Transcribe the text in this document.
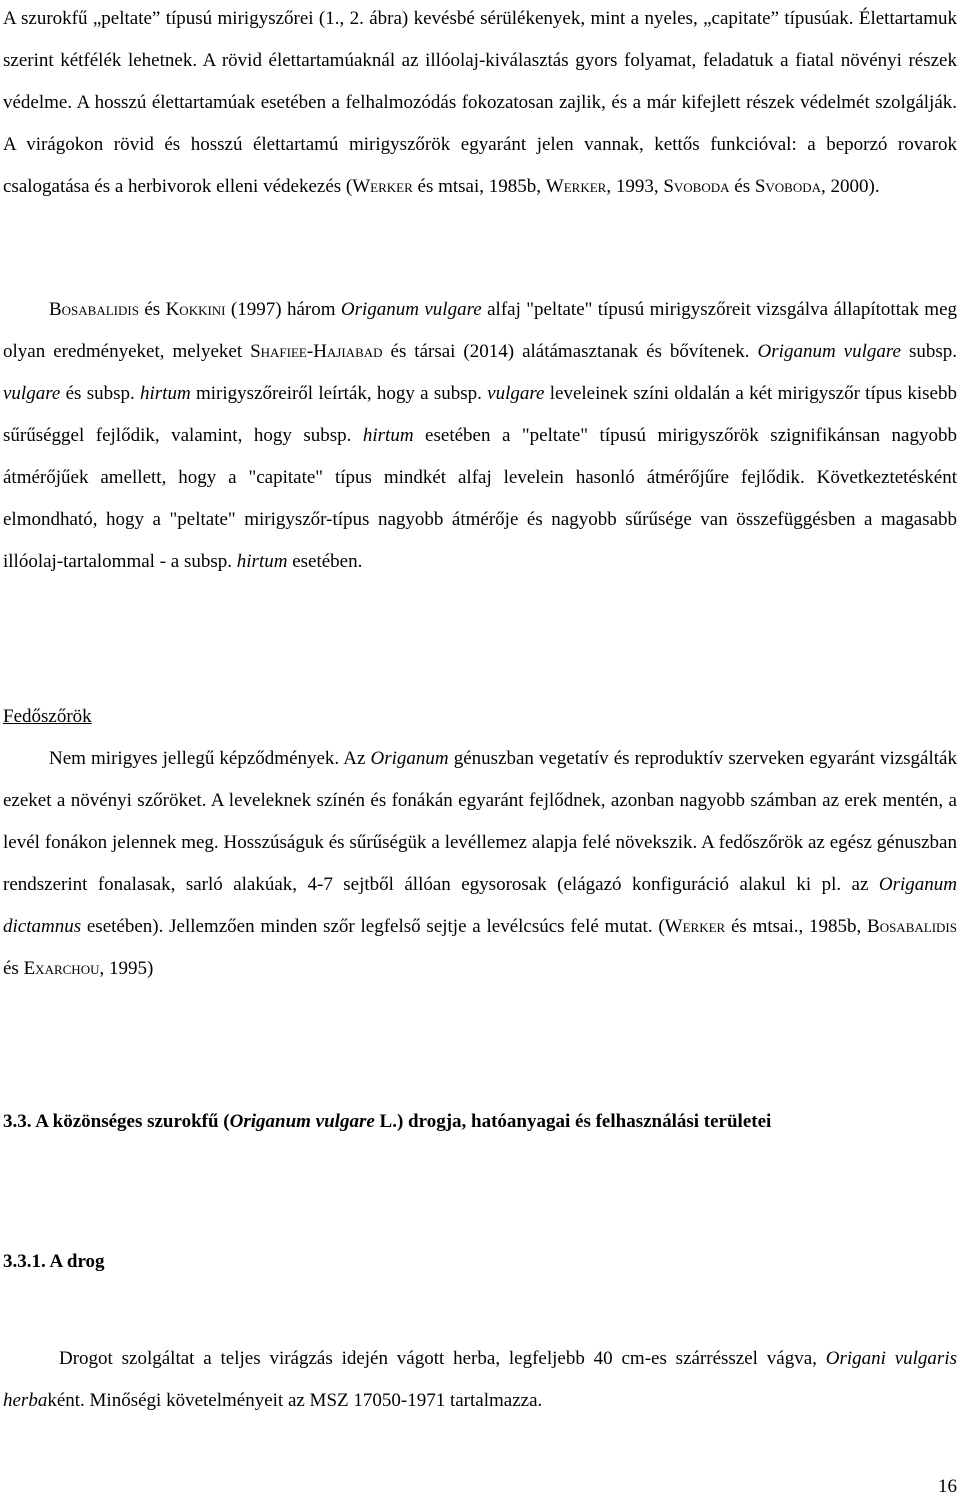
A szurokfű „peltate” típusú mirigyszőrei (1., 2. ábra) kevésbé sérülékenyek, mint a nyeles, „capitate” típusúak. Élettartamuk szerint kétfélék lehetnek. A rövid élettartamúaknál az illóolaj-kiválasztás gyors folyamat, feladatuk a fiatal növényi részek védelme. A hosszú élettartamúak esetében a felhalmozódás fokozatosan zajlik, és a már kifejlett részek védelmét szolgálják. A virágokon rövid és hosszú élettartamú mirigyszőrök egyaránt jelen vannak, kettős funkcióval: a beporzó rovarok csalogatása és a herbivorok elleni védekezés (Werker és mtsai, 1985b, Werker, 1993, Svoboda és Svoboda, 2000).

Bosabalidis és Kokkini (1997) három Origanum vulgare alfaj "peltate" típusú mirigyszőreit vizsgálva állapítottak meg olyan eredményeket, melyeket Shafiee-Hajiabad és társai (2014) alátámasztanak és bővítenek. Origanum vulgare subsp. vulgare és subsp. hirtum mirigyszőreiről leírták, hogy a subsp. vulgare leveleinek színi oldalán a két mirigyszőr típus kisebb sűrűséggel fejlődik, valamint, hogy subsp. hirtum esetében a "peltate" típusú mirigyszőrök szignifikánsan nagyobb átmérőjűek amellett, hogy a "capitate" típus mindkét alfaj levelein hasonló átmérőjűre fejlődik. Következtetésként elmondható, hogy a "peltate" mirigyszőr-típus nagyobb átmérője és nagyobb sűrűsége van összefüggésben a magasabb illóolaj-tartalommal - a subsp. hirtum esetében.

Fedőszőrök

Nem mirigyes jellegű képződmények. Az Origanum génuszban vegetatív és reproduktív szerveken egyaránt vizsgálták ezeket a növényi szőröket. A leveleknek színén és fonákán egyaránt fejlődnek, azonban nagyobb számban az erek mentén, a levél fonákon jelennek meg. Hosszúságuk és sűrűségük a levéllemez alapja felé növekszik. A fedőszőrök az egész génuszban rendszerint fonalasak, sarló alakúak, 4-7 sejtből állóan egysorosak (elágazó konfiguráció alakul ki pl. az Origanum dictamnus esetében). Jellemzően minden szőr legfelső sejtje a levélcsúcs felé mutat. (Werker és mtsai., 1985b, Bosabalidis és Exarchou, 1995)

3.3. A közönséges szurokfű (Origanum vulgare L.) drogja, hatóanyagai és felhasználási területei

3.3.1. A drog

Drogot szolgáltat a teljes virágzás idején vágott herba, legfeljebb 40 cm-es szárrésszel vágva, Origani vulgaris herbaként. Minőségi követelményeit az MSZ 17050-1971 tartalmazza.

16
